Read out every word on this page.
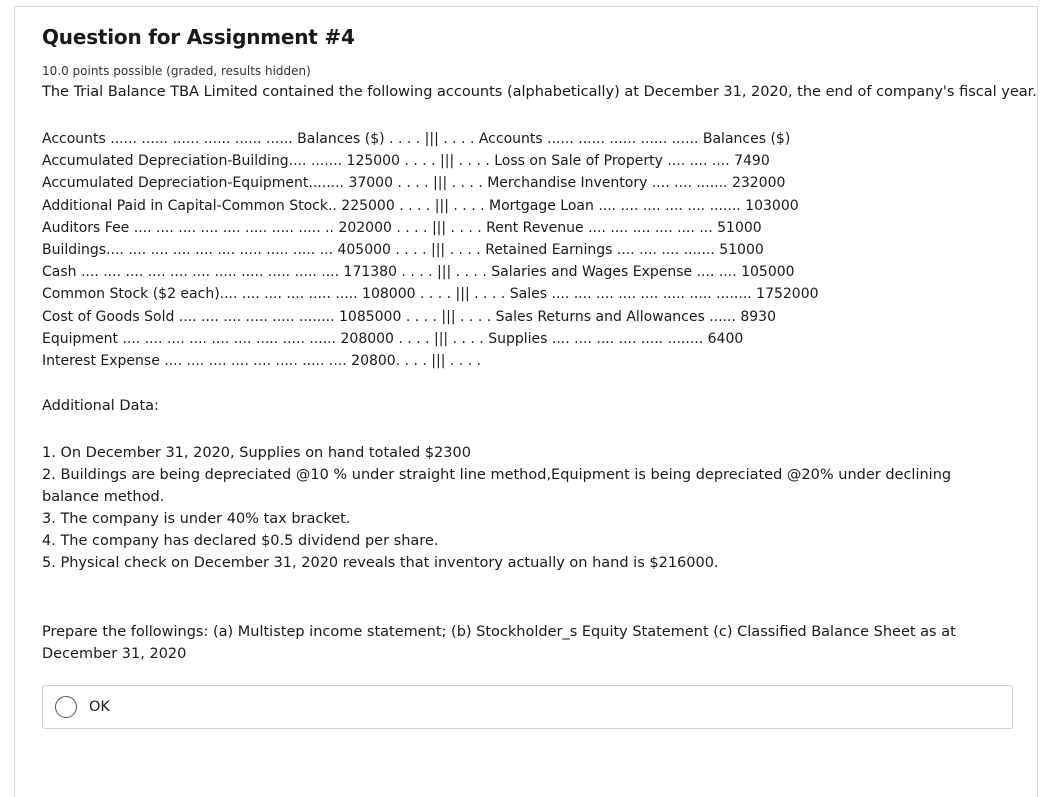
Question for Assignment #4
10.0 points possible (graded, results hidden)
The Trial Balance TBA Limited contained the following accounts (alphabetically) at December 31, 2020, the end of company's fiscal year.
Accounts ...... ...... ...... ...... ...... ...... Balances ($) . . . . ||| . . . . Accounts ...... ...... ...... ...... ...... Balances ($)
Accumulated Depreciation-Building.... ....... 125000 . . . . ||| . . . . Loss on Sale of Property .... .... .... 7490
Accumulated Depreciation-Equipment........ 37000 . . . . ||| . . . . Merchandise Inventory .... .... ....... 232000
Additional Paid in Capital-Common Stock.. 225000 . . . . ||| . . . . Mortgage Loan .... .... .... .... .... ....... 103000
Auditors Fee .... .... .... .... .... ..... ..... ..... .. 202000 . . . . ||| . . . . Rent Revenue .... .... .... .... .... ... 51000
Buildings.... .... .... .... .... .... ..... ..... ..... ... 405000 . . . . ||| . . . . Retained Earnings .... .... .... ....... 51000
Cash .... .... .... .... .... .... ..... ..... ..... ..... .... 171380 . . . . ||| . . . . Salaries and Wages Expense .... .... 105000
Common Stock ($2 each).... .... .... .... ..... ..... 108000 . . . . ||| . . . . Sales .... .... .... .... .... ..... ..... ........ 1752000
Cost of Goods Sold .... .... .... ..... ..... ........ 1085000 . . . . ||| . . . . Sales Returns and Allowances ...... 8930
Equipment .... .... .... .... .... .... ..... ..... ...... 208000 . . . . ||| . . . . Supplies .... .... .... .... ..... ........ 6400
Interest Expense .... .... .... .... .... ..... ..... .... 20800. . . . ||| . . . .
Additional Data:

1. On December 31, 2020, Supplies on hand totaled $2300

2. Buildings are being depreciated @10 % under straight line method,Equipment is being depreciated @20% under declining balance method.

3. The company is under 40% tax bracket.

4. The company has declared $0.5 dividend per share.

5. Physical check on December 31, 2020 reveals that inventory actually on hand is $216000.

Prepare the followings: (a) Multistep income statement; (b) Stockholder_s Equity Statement (c) Classified Balance Sheet as at December 31, 2020
OK
